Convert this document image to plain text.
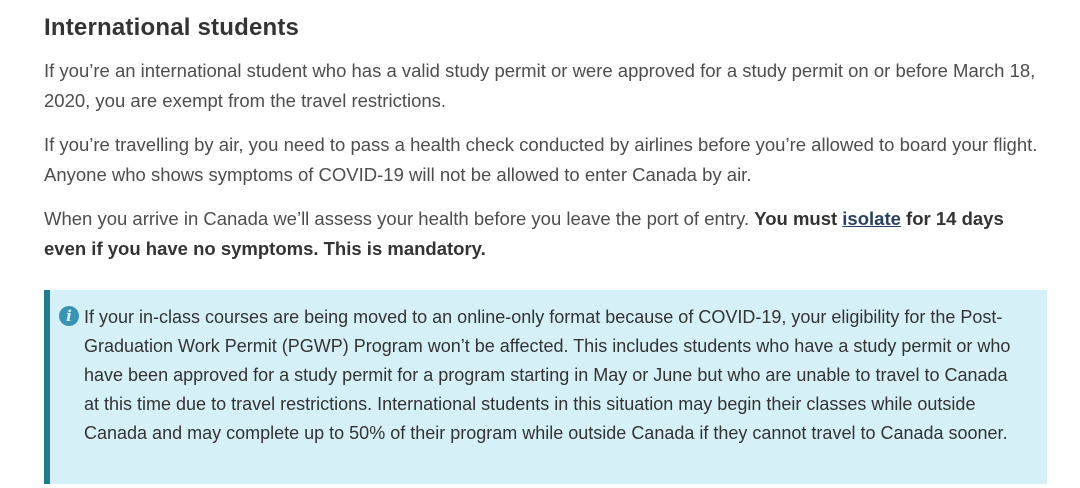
International students

If you’re an international student who has a valid study permit or were approved for a study permit on or before March 18, 2020, you are exempt from the travel restrictions.

If you’re travelling by air, you need to pass a health check conducted by airlines before you’re allowed to board your flight. Anyone who shows symptoms of COVID-19 will not be allowed to enter Canada by air.

When you arrive in Canada we’ll assess your health before you leave the port of entry. You must isolate for 14 days even if you have no symptoms. This is mandatory.

i If your in-class courses are being moved to an online-only format because of COVID-19, your eligibility for the Post-Graduation Work Permit (PGWP) Program won’t be affected. This includes students who have a study permit or who have been approved for a study permit for a program starting in May or June but who are unable to travel to Canada at this time due to travel restrictions. International students in this situation may begin their classes while outside Canada and may complete up to 50% of their program while outside Canada if they cannot travel to Canada sooner.
